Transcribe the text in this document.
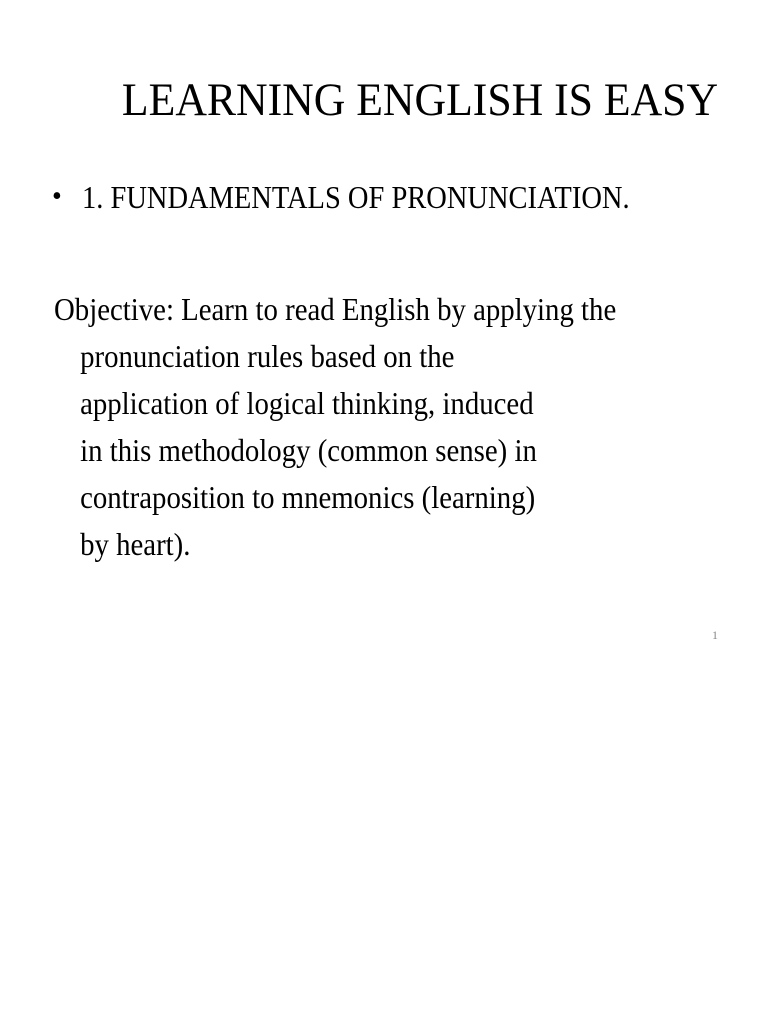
LEARNING ENGLISH IS EASY
• 1. FUNDAMENTALS OF PRONUNCIATION.
Objective: Learn to read English by applying the
pronunciation rules based on the
application of logical thinking, induced
in this methodology (common sense) in
contraposition to mnemonics (learning)
by heart).
1
